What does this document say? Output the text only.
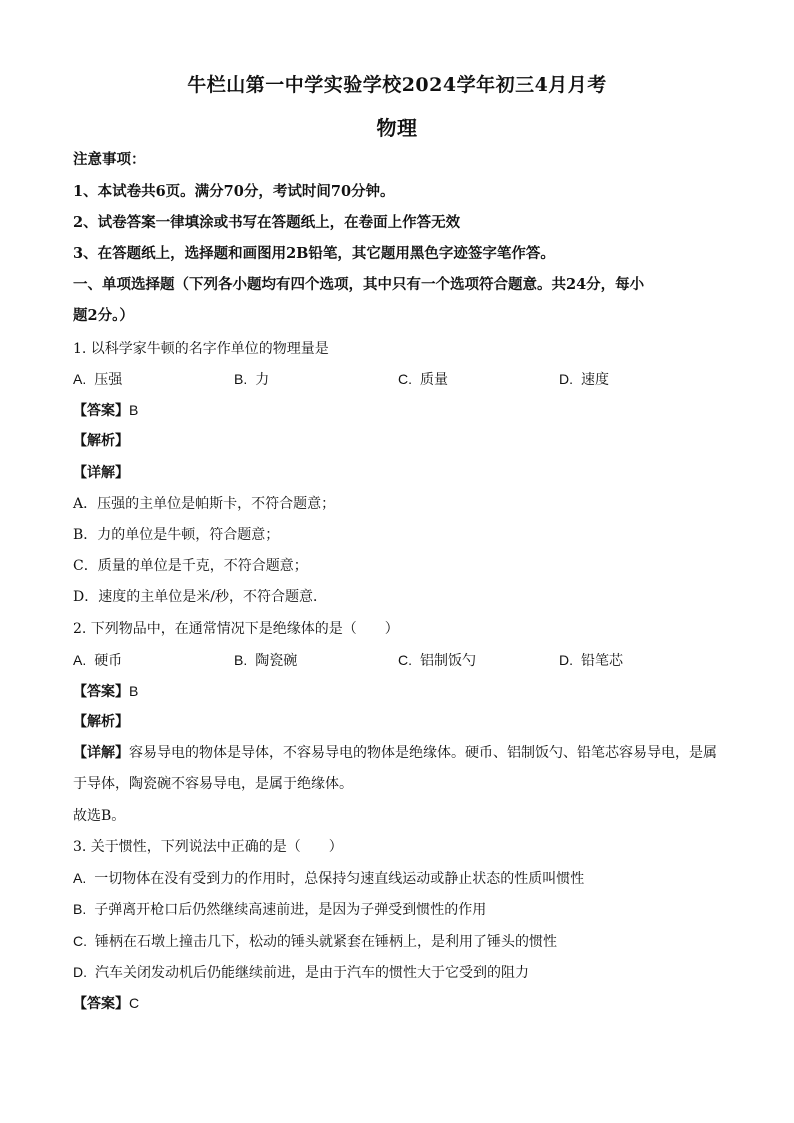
牛栏山第一中学实验学校2024学年初三4月月考
物理
注意事项：
1、本试卷共6页。满分70分，考试时间70分钟。
2、试卷答案一律填涂或书写在答题纸上，在卷面上作答无效
3、在答题纸上，选择题和画图用2B铅笔，其它题用黑色字迹签字笔作答。
一、单项选择题（下列各小题均有四个选项，其中只有一个选项符合题意。共24分，每小
题2分。）
1. 以科学家牛顿的名字作单位的物理量是
A. 压强	B. 力	C. 质量	D. 速度
【答案】B
【解析】
【详解】
A．压强的主单位是帕斯卡，不符合题意；
B．力的单位是牛顿，符合题意；
C．质量的单位是千克，不符合题意；
D．速度的主单位是米/秒，不符合题意．
2. 下列物品中，在通常情况下是绝缘体的是（　　）
A. 硬币	B. 陶瓷碗	C. 铝制饭勺	D. 铅笔芯
【答案】B
【解析】
【详解】容易导电的物体是导体，不容易导电的物体是绝缘体。硬币、铝制饭勺、铅笔芯容易导电，是属
于导体，陶瓷碗不容易导电，是属于绝缘体。
故选B。
3. 关于惯性，下列说法中正确的是（　　）
A. 一切物体在没有受到力的作用时，总保持匀速直线运动或静止状态的性质叫惯性
B. 子弹离开枪口后仍然继续高速前进，是因为子弹受到惯性的作用
C. 锤柄在石墩上撞击几下，松动的锤头就紧套在锤柄上，是利用了锤头的惯性
D. 汽车关闭发动机后仍能继续前进，是由于汽车的惯性大于它受到的阻力
【答案】C
